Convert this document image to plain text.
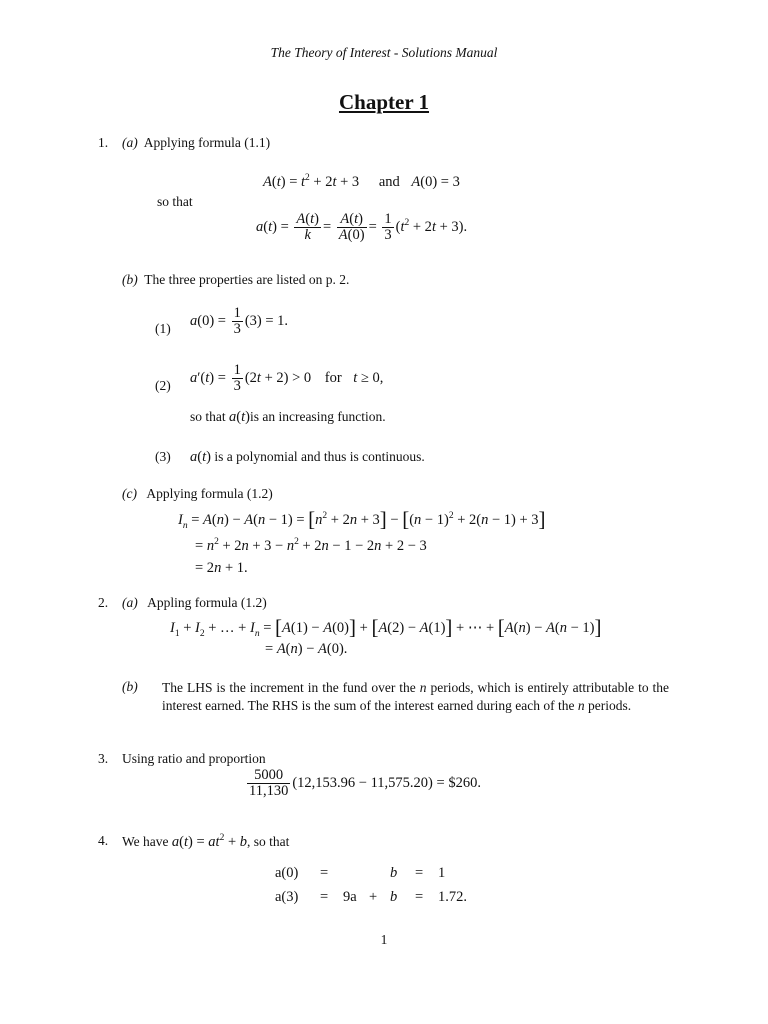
The Theory of Interest - Solutions Manual
Chapter 1
1. (a) Applying formula (1.1)
$A(t) = t^2 + 2t + 3$ and A(0) = 3
so that
$a(t) = \frac{A(t)}{k} = \frac{A(t)}{A(0)} = \frac{1}{3} (t^2 + 2t + 3)$.
(b) The three properties are listed on p. 2.
(1) $a(0) = \frac{1}{3} (3) = 1$.
(2) $a'(t) = \frac{1}{3} (2t + 2) > 0$ for t ≥ 0,
so that a(t)is an increasing function.
(3) a(t) is a polynomial and thus is continuous.
(c) Applying formula (1.2)
$I_n = A(n) - A(n - 1) = [n^2 + 2n + 3] - [(n - 1)^2 + 2(n - 1) + 3]$
= $n^2 + 2n + 3 - n^2 + 2n - 1 - 2n + 2 - 3$
= 2n + 1.
2. (a) Appling formula (1.2)
$I_1 + I_2$ + … + $I_n = [A(1) - A(0)] + [A(2) - A(1)]$ + ⋯ + [A(n) − A(n − 1)]
= A(n) − A(0).
(b) The LHS is the increment in the fund over the n periods, which is entirely attributable to the interest earned. The RHS is the sum of the interest earned during each of the n periods.
3. Using ratio and proportion
$\frac{5000}{11,130} (12,153.96 - 11,575.20)$ = $260.
4. We have $a(t) = at^2 + b$, so that
a(0) =	b = 1
a(3) = 9a + b = 1.72.
1
